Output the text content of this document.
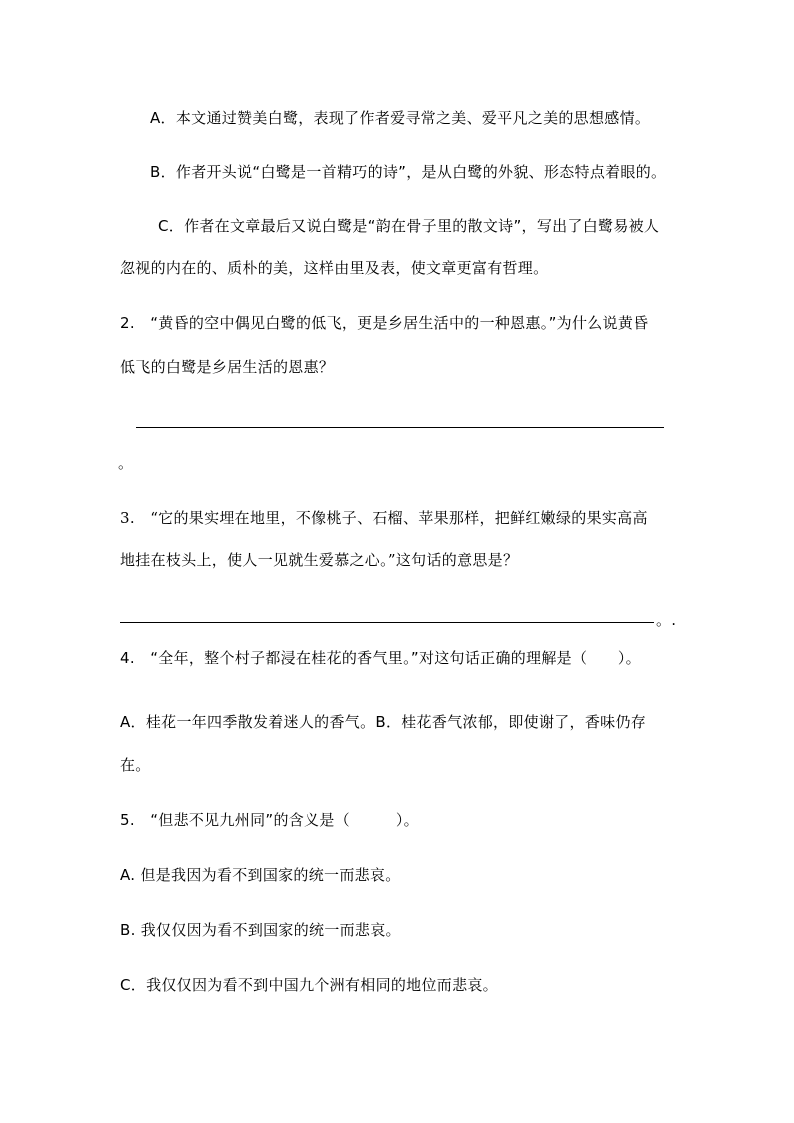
A．本文通过赞美白鹭，表现了作者爱寻常之美、爱平凡之美的思想感情。
B．作者开头说“白鹭是一首精巧的诗”，是从白鹭的外貌、形态特点着眼的。
C．作者在文章最后又说白鹭是“韵在骨子里的散文诗”，写出了白鹭易被人
忽视的内在的、质朴的美，这样由里及表，使文章更富有哲理。
2.　“黄昏的空中偶见白鹭的低飞，更是乡居生活中的一种恩惠。”为什么说黄昏
低飞的白鹭是乡居生活的恩惠？
。
3.　“它的果实埋在地里，不像桃子、石榴、苹果那样，把鲜红嫩绿的果实高高
地挂在枝头上，使人一见就生爱慕之心。”这句话的意思是？
。.
4.　“全年，整个村子都浸在桂花的香气里。”对这句话正确的理解是（　　）。
A．桂花一年四季散发着迷人的香气。B．桂花香气浓郁，即使谢了，香味仍存
在。
5.　“但悲不见九州同”的含义是（　　　）。
A. 但是我因为看不到国家的统一而悲哀。
B. 我仅仅因为看不到国家的统一而悲哀。
C．我仅仅因为看不到中国九个洲有相同的地位而悲哀。
